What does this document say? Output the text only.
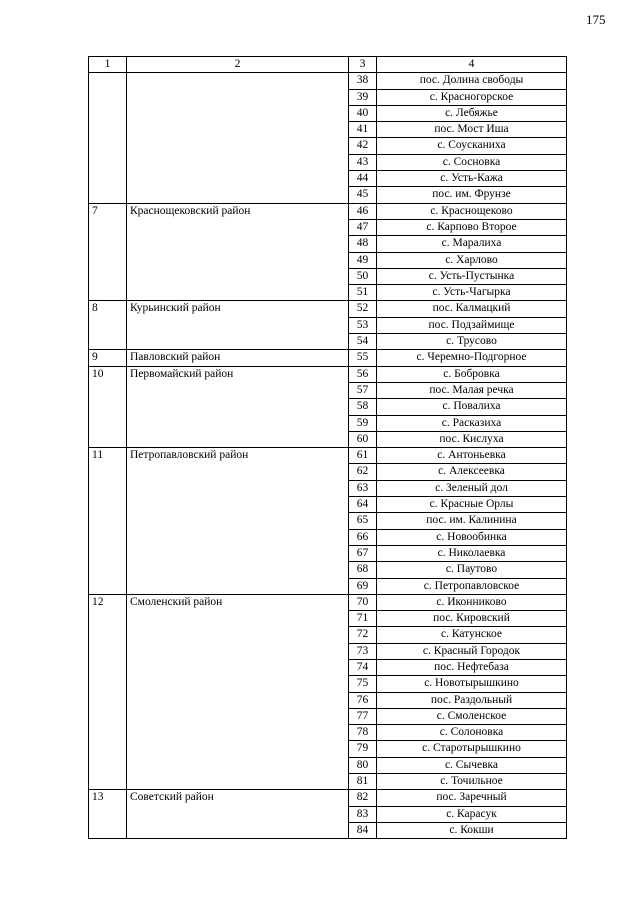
175
1	2	3	4
		38	пос. Долина свободы
		39	с. Красногорское
		40	с. Лебяжье
		41	пос. Мост Иша
		42	с. Соусканиха
		43	с. Сосновка
		44	с. Усть-Кажа
		45	пос. им. Фрунзе
7	Краснощековский район	46	с. Краснощеково
		47	с. Карпово Второе
		48	с. Маралиха
		49	с. Харлово
		50	с. Усть-Пустынка
		51	с. Усть-Чагырка
8	Курьинский район	52	пос. Калмацкий
		53	пос. Подзаймище
		54	с. Трусово
9	Павловский район	55	с. Черемно-Подгорное
10	Первомайский район	56	с. Бобровка
		57	пос. Малая речка
		58	с. Повалиха
		59	с. Расказиха
		60	пос. Кислуха
11	Петропавловский район	61	с. Антоньевка
		62	с. Алексеевка
		63	с. Зеленый дол
		64	с. Красные Орлы
		65	пос. им. Калинина
		66	с. Новообинка
		67	с. Николаевка
		68	с. Паутово
		69	с. Петропавловское
12	Смоленский район	70	с. Иконниково
		71	пос. Кировский
		72	с. Катунское
		73	с. Красный Городок
		74	пос. Нефтебаза
		75	с. Новотырышкино
		76	пос. Раздольный
		77	с. Смоленское
		78	с. Солоновка
		79	с. Старотырышкино
		80	с. Сычевка
		81	с. Точильное
13	Советский район	82	пос. Заречный
		83	с. Карасук
		84	с. Кокши
